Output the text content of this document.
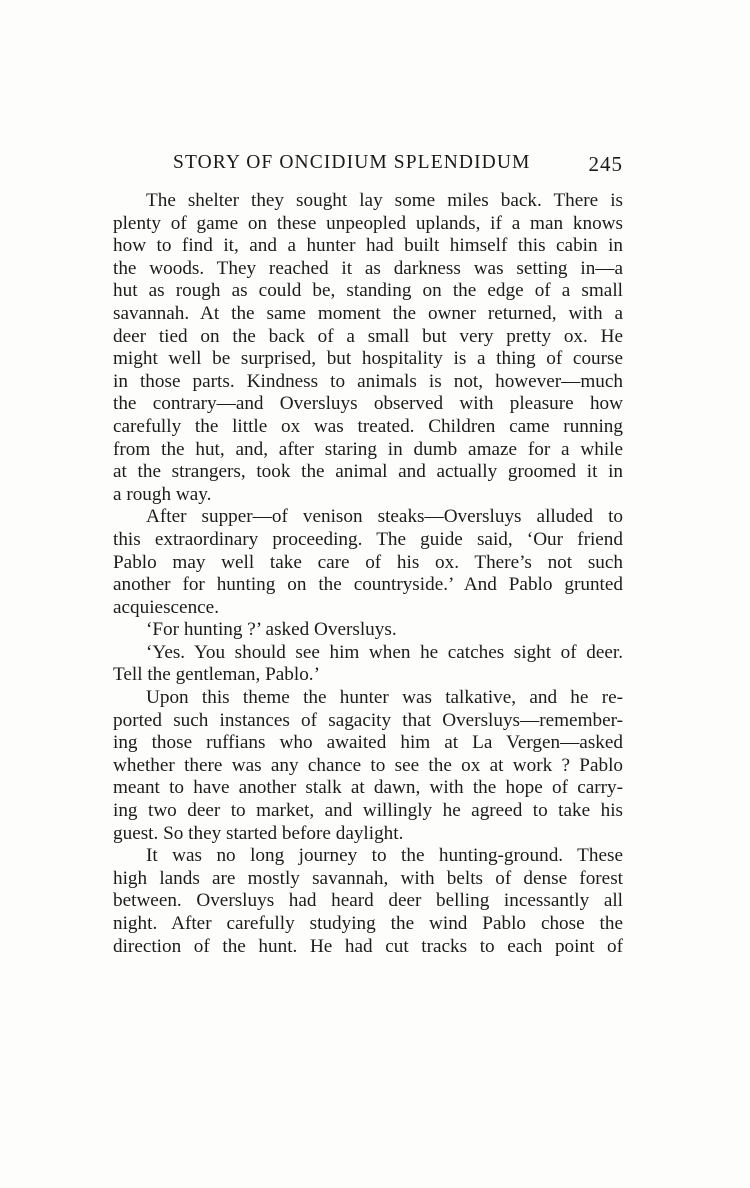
STORY OF ONCIDIUM SPLENDIDUM	245
The shelter they sought lay some miles back. There is
plenty of game on these unpeopled uplands, if a man knows
how to find it, and a hunter had built himself this cabin in
the woods. They reached it as darkness was setting in—a
hut as rough as could be, standing on the edge of a small
savannah. At the same moment the owner returned, with a
deer tied on the back of a small but very pretty ox. He
might well be surprised, but hospitality is a thing of course
in those parts. Kindness to animals is not, however—much
the contrary—and Oversluys observed with pleasure how
carefully the little ox was treated. Children came running
from the hut, and, after staring in dumb amaze for a while
at the strangers, took the animal and actually groomed it in
a rough way.
After supper—of venison steaks—Oversluys alluded to
this extraordinary proceeding. The guide said, ‘Our friend
Pablo may well take care of his ox. There’s not such
another for hunting on the countryside.’ And Pablo grunted
acquiescence.
‘For hunting ?’ asked Oversluys.
‘Yes. You should see him when he catches sight of deer.
Tell the gentleman, Pablo.’
Upon this theme the hunter was talkative, and he re-
ported such instances of sagacity that Oversluys—remember-
ing those ruffians who awaited him at La Vergen—asked
whether there was any chance to see the ox at work ? Pablo
meant to have another stalk at dawn, with the hope of carry-
ing two deer to market, and willingly he agreed to take his
guest. So they started before daylight.
It was no long journey to the hunting-ground. These
high lands are mostly savannah, with belts of dense forest
between. Oversluys had heard deer belling incessantly all
night. After carefully studying the wind Pablo chose the
direction of the hunt. He had cut tracks to each point of
